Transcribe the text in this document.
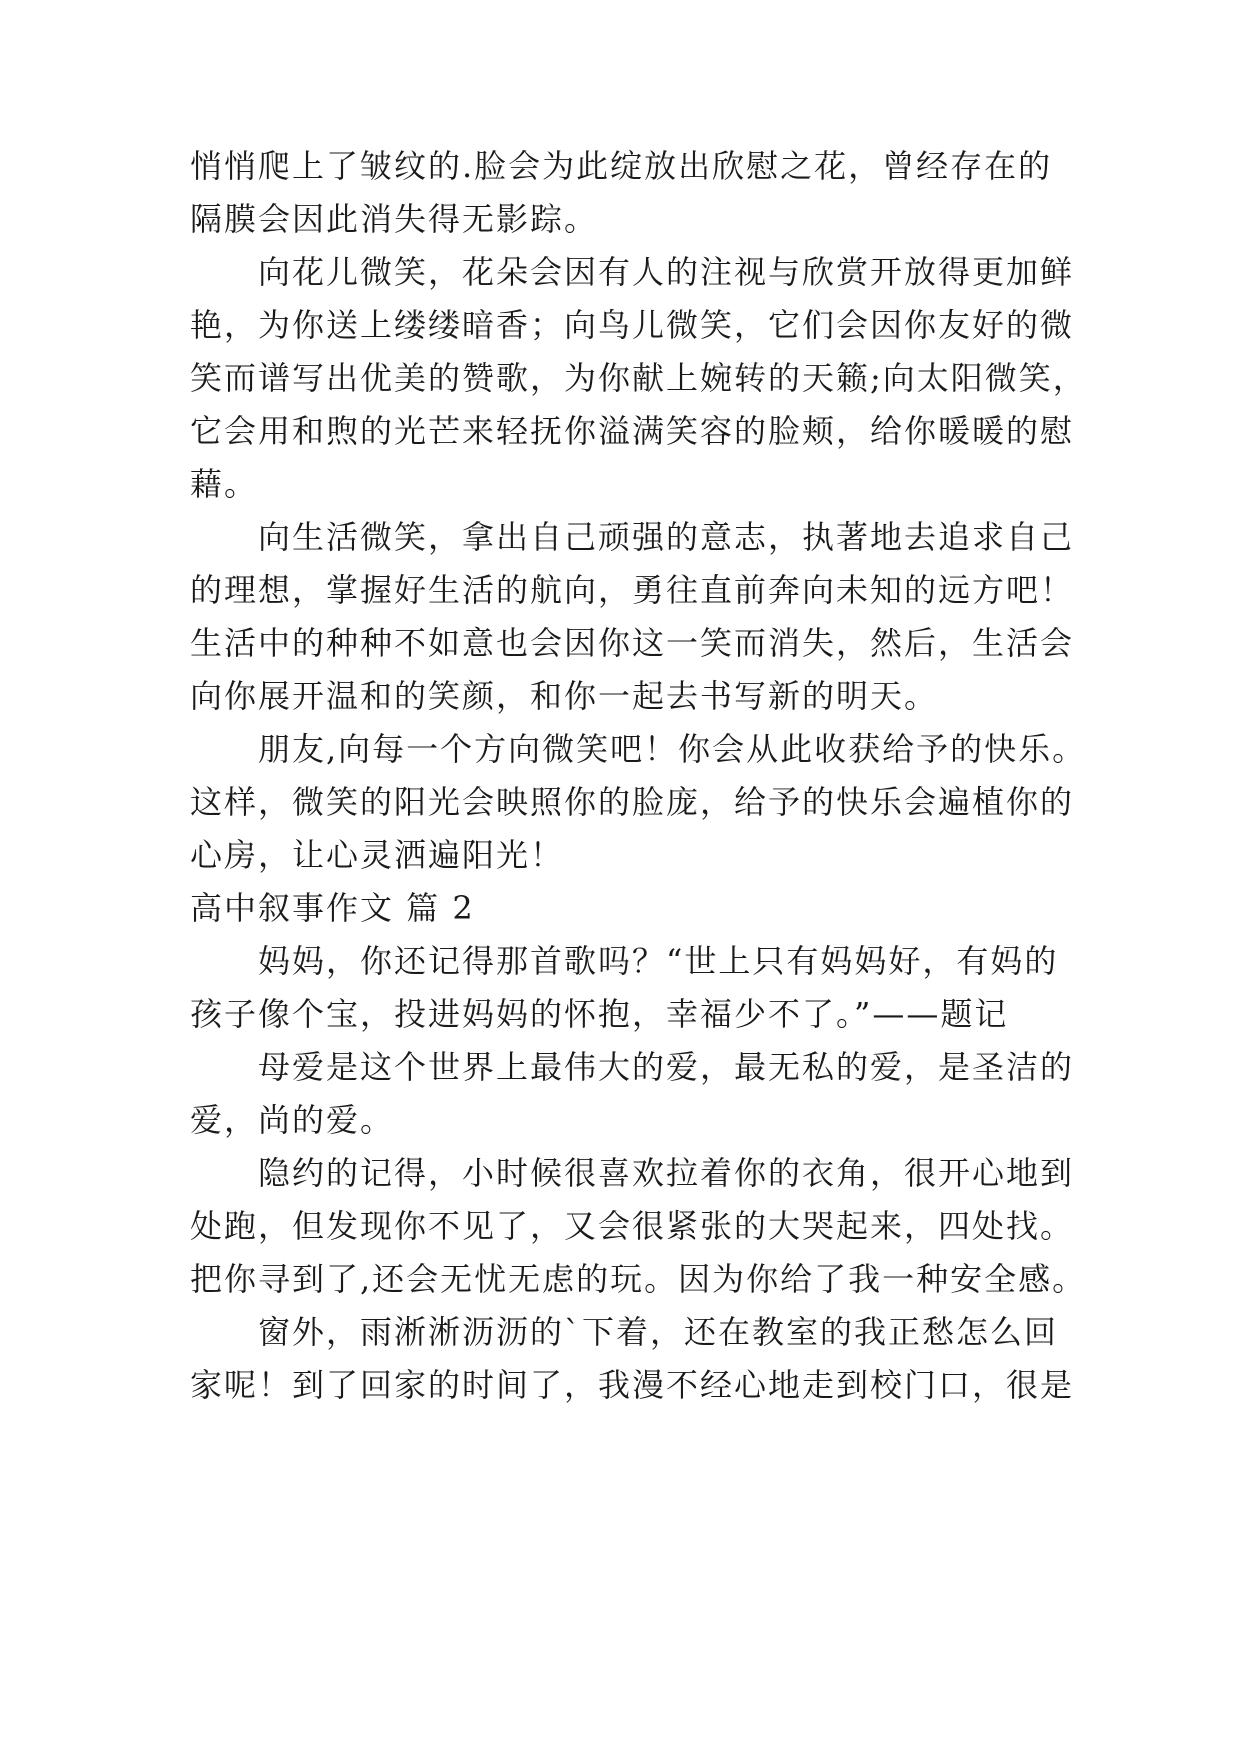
悄悄爬上了皱纹的.脸会为此绽放出欣慰之花，曾经存在的
隔膜会因此消失得无影踪。
向花儿微笑，花朵会因有人的注视与欣赏开放得更加鲜
艳，为你送上缕缕暗香；向鸟儿微笑，它们会因你友好的微
笑而谱写出优美的赞歌，为你献上婉转的天籁;向太阳微笑，
它会用和煦的光芒来轻抚你溢满笑容的脸颊，给你暖暖的慰
藉。
向生活微笑，拿出自己顽强的意志，执著地去追求自己
的理想，掌握好生活的航向，勇往直前奔向未知的远方吧！
生活中的种种不如意也会因你这一笑而消失，然后，生活会
向你展开温和的笑颜，和你一起去书写新的明天。
朋友,向每一个方向微笑吧！你会从此收获给予的快乐。
这样，微笑的阳光会映照你的脸庞，给予的快乐会遍植你的
心房，让心灵洒遍阳光！
高中叙事作文 篇 2
妈妈，你还记得那首歌吗？“世上只有妈妈好，有妈的
孩子像个宝，投进妈妈的怀抱，幸福少不了。”——题记
母爱是这个世界上最伟大的爱，最无私的爱，是圣洁的
爱，尚的爱。
隐约的记得，小时候很喜欢拉着你的衣角，很开心地到
处跑，但发现你不见了，又会很紧张的大哭起来，四处找。
把你寻到了,还会无忧无虑的玩。因为你给了我一种安全感。
窗外，雨淅淅沥沥的`下着，还在教室的我正愁怎么回
家呢！到了回家的时间了，我漫不经心地走到校门口，很是
